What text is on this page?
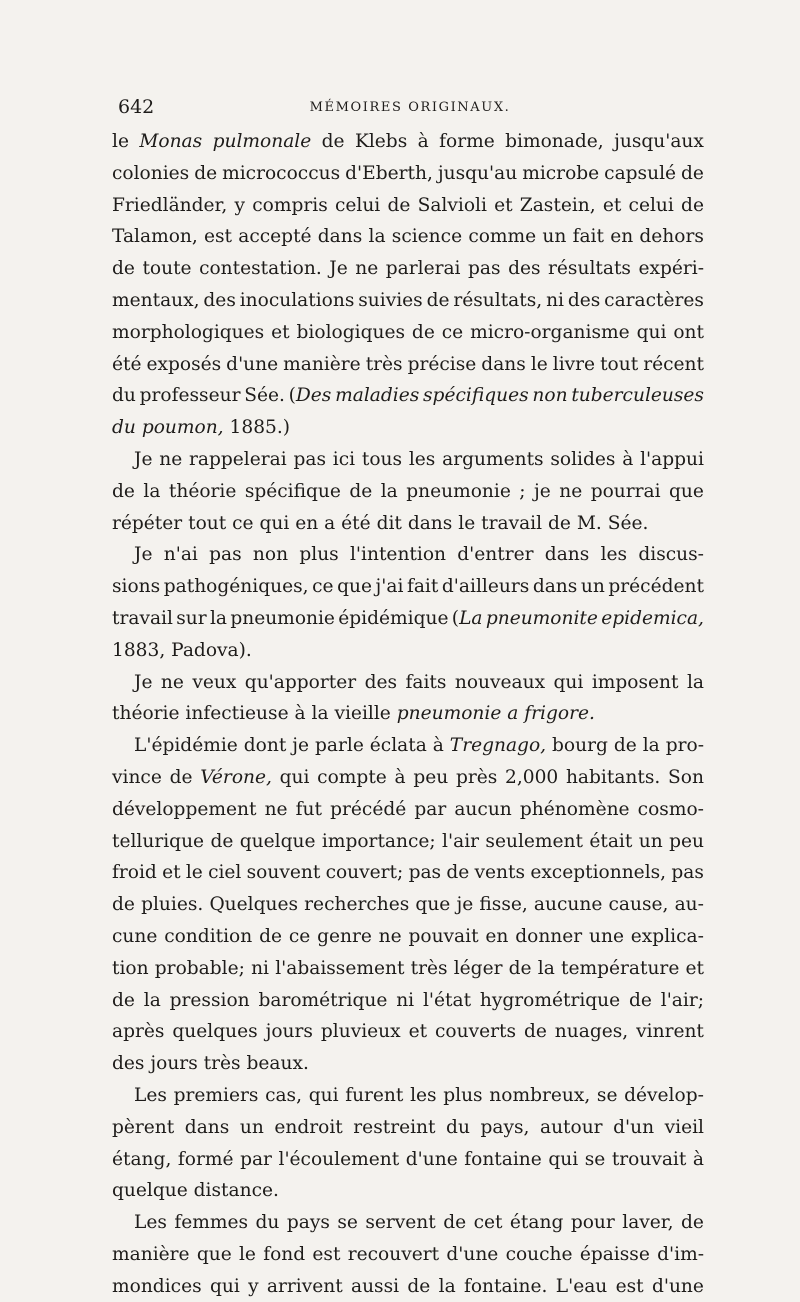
642	MÉMOIRES ORIGINAUX.
le Monas pulmonale de Klebs à forme bimonade, jusqu'aux
colonies de micrococcus d'Eberth, jusqu'au microbe capsulé de
Friedländer, y compris celui de Salvioli et Zastein, et celui de
Talamon, est accepté dans la science comme un fait en dehors
de toute contestation. Je ne parlerai pas des résultats expéri-
mentaux, des inoculations suivies de résultats, ni des caractères
morphologiques et biologiques de ce micro-organisme qui ont
été exposés d'une manière très précise dans le livre tout récent
du professeur Sée. (Des maladies spécifiques non tuberculeuses
du poumon, 1885.)
Je ne rappelerai pas ici tous les arguments solides à l'appui
de la théorie spécifique de la pneumonie ; je ne pourrai que
répéter tout ce qui en a été dit dans le travail de M. Sée.
Je n'ai pas non plus l'intention d'entrer dans les discus-
sions pathogéniques, ce que j'ai fait d'ailleurs dans un précédent
travail sur la pneumonie épidémique (La pneumonite epidemica,
1883, Padova).
Je ne veux qu'apporter des faits nouveaux qui imposent la
théorie infectieuse à la vieille pneumonie a frigore.
L'épidémie dont je parle éclata à Tregnago, bourg de la pro-
vince de Vérone, qui compte à peu près 2,000 habitants. Son
développement ne fut précédé par aucun phénomène cosmo-
tellurique de quelque importance; l'air seulement était un peu
froid et le ciel souvent couvert; pas de vents exceptionnels, pas
de pluies. Quelques recherches que je fisse, aucune cause, au-
cune condition de ce genre ne pouvait en donner une explica-
tion probable; ni l'abaissement très léger de la température et
de la pression barométrique ni l'état hygrométrique de l'air;
après quelques jours pluvieux et couverts de nuages, vinrent
des jours très beaux.
Les premiers cas, qui furent les plus nombreux, se dévelop-
pèrent dans un endroit restreint du pays, autour d'un vieil
étang, formé par l'écoulement d'une fontaine qui se trouvait à
quelque distance.
Les femmes du pays se servent de cet étang pour laver, de
manière que le fond est recouvert d'une couche épaisse d'im-
mondices qui y arrivent aussi de la fontaine. L'eau est d'une
